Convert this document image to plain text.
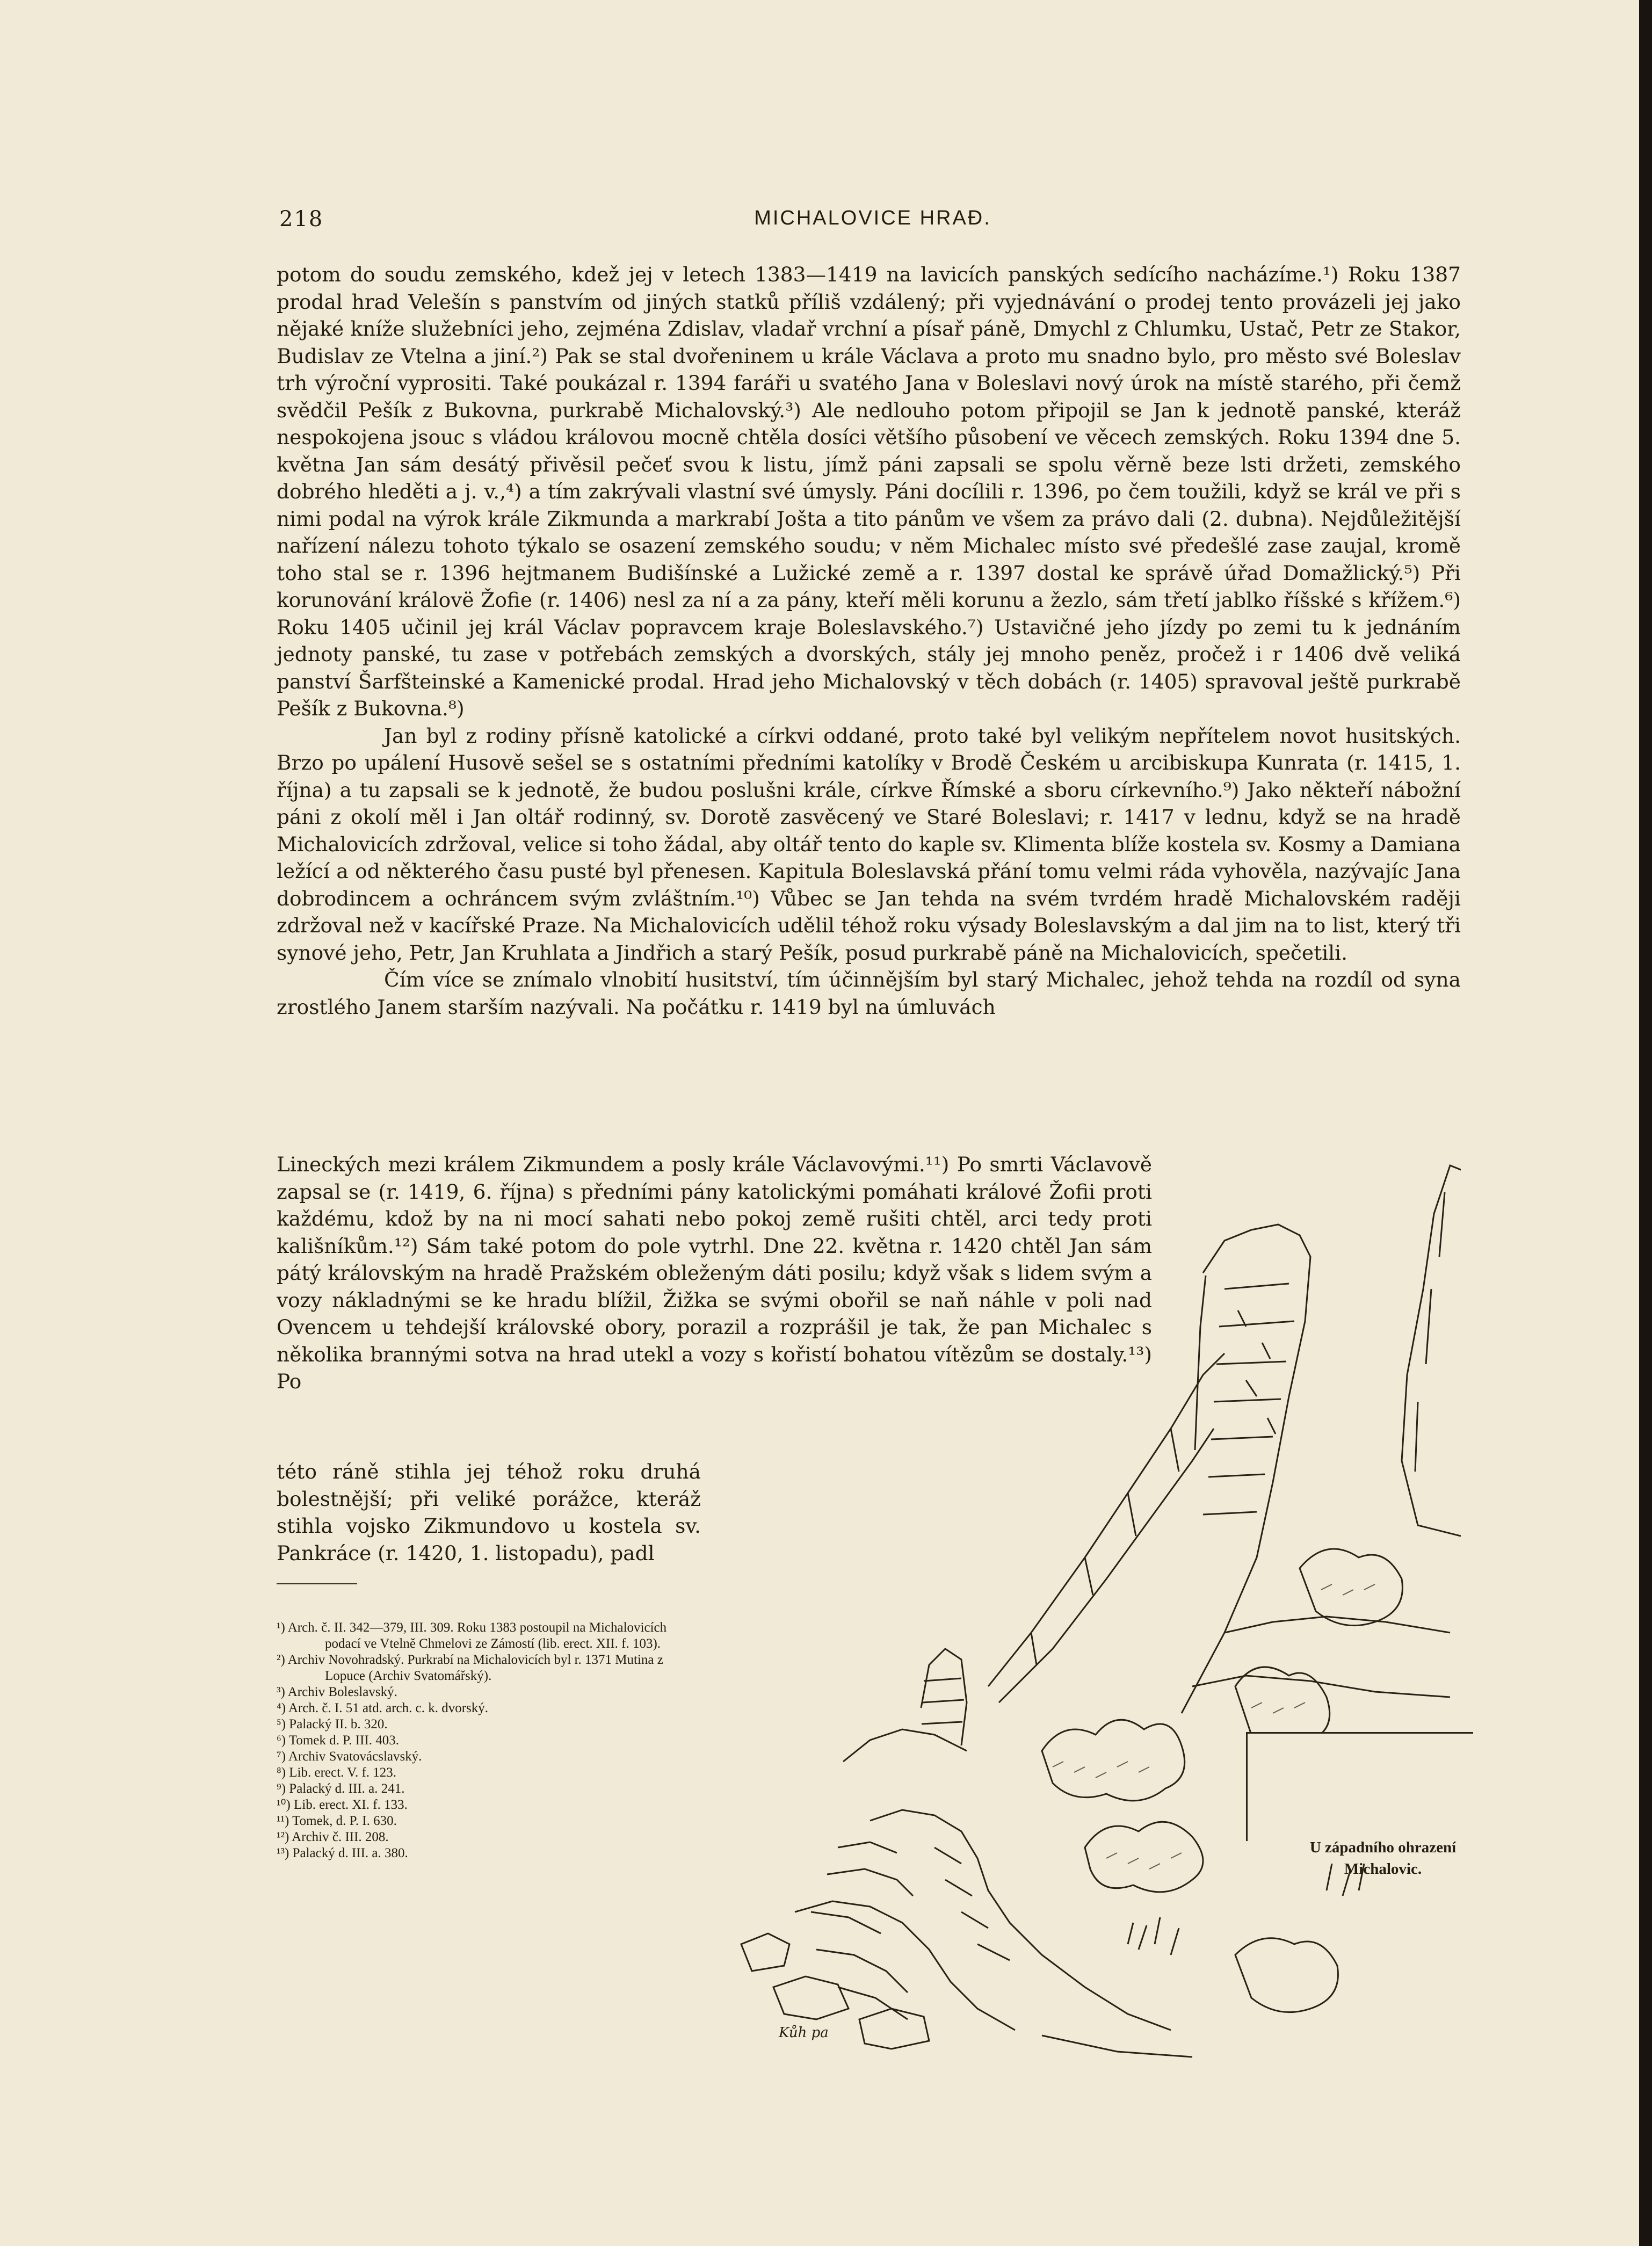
218	MICHALOVICE HRAĐ.

potom do soudu zemského, kdež jej v letech 1383—1419 na lavicích panských sedícího nacházíme.¹) Roku 1387 prodal hrad Velešín s panstvím od jiných statků příliš vzdálený; při vyjednávání o prodej tento provázeli jej jako nějaké kníže služebníci jeho, zejména Zdislav, vladař vrchní a písař páně, Dmychl z Chlumku, Ustač, Petr ze Stakor, Budislav ze Vtelna a jiní.²) Pak se stal dvořeninem u krále Václava a proto mu snadno bylo, pro město své Boleslav trh výroční vyprositi. Také poukázal r. 1394 faráři u svatého Jana v Boleslavi nový úrok na místě starého, při čemž svědčil Pešík z Bukovna, purkrabě Michalovský.³) Ale nedlouho potom připojil se Jan k jednotě panské, kteráž nespokojena jsouc s vládou královou mocně chtěla dosíci většího působení ve věcech zemských. Roku 1394 dne 5. května Jan sám desátý přivěsil pečeť svou k listu, jímž páni zapsali se spolu věrně beze lsti držeti, zemského dobrého hleděti a j. v.,⁴) a tím zakrývali vlastní své úmysly. Páni docílili r. 1396, po čem toužili, když se král ve při s nimi podal na výrok krále Zikmunda a markrabí Jošta a tito pánům ve všem za právo dali (2. dubna). Nejdůležitější nařízení nálezu tohoto týkalo se osazení zemského soudu; v něm Michalec místo své předešlé zase zaujal, kromě toho stal se r. 1396 hejtmanem Budišínské a Lužické země a r. 1397 dostal ke správě úřad Domažlický.⁵) Při korunování královë Žofie (r. 1406) nesl za ní a za pány, kteří měli korunu a žezlo, sám třetí jablko říšské s křížem.⁶) Roku 1405 učinil jej král Václav popravcem kraje Boleslavského.⁷) Ustavičné jeho jízdy po zemi tu k jednáním jednoty panské, tu zase v potřebách zemských a dvorských, stály jej mnoho peněz, pročež i r 1406 dvě veliká panství Šarfšteinské a Kamenické prodal. Hrad jeho Michalovský v těch dobách (r. 1405) spravoval ještě purkrabě Pešík z Bukovna.⁸)

Jan byl z rodiny přísně katolické a církvi oddané, proto také byl velikým nepřítelem novot husitských. Brzo po upálení Husově sešel se s ostatními předními katolíky v Brodě Českém u arcibiskupa Kunrata (r. 1415, 1. října) a tu zapsali se k jednotě, že budou poslušni krále, církve Římské a sboru církevního.⁹) Jako někteří nábožní páni z okolí měl i Jan oltář rodinný, sv. Dorotě zasvěcený ve Staré Boleslavi; r. 1417 v lednu, když se na hradě Michalovicích zdržoval, velice si toho žádal, aby oltář tento do kaple sv. Klimenta blíže kostela sv. Kosmy a Damiana ležící a od některého času pusté byl přenesen. Kapitula Boleslavská přání tomu velmi ráda vyhověla, nazývajíc Jana dobrodincem a ochráncem svým zvláštním.¹⁰) Vůbec se Jan tehda na svém tvrdém hradě Michalovském raději zdržoval než v kacířské Praze. Na Michalovicích udělil téhož roku výsady Boleslavským a dal jim na to list, který tři synové jeho, Petr, Jan Kruhlata a Jindřich a starý Pešík, posud purkrabě páně na Michalovicích, spečetili.

Čím více se znímalo vlnobití husitství, tím účinnějším byl starý Michalec, jehož tehda na rozdíl od syna zrostlého Janem starším nazývali. Na počátku r. 1419 byl na úmluvách

Lineckých mezi králem Zikmundem a posly krále Václavovými.¹¹) Po smrti Václavově zapsal se (r. 1419, 6. října) s předními pány katolickými pomáhati králové Žofii proti každému, kdož by na ni mocí sahati nebo pokoj země rušiti chtěl, arci tedy proti kališníkům.¹²) Sám také potom do pole vytrhl. Dne 22. května r. 1420 chtěl Jan sám pátý královským na hradě Pražském obleženým dáti posilu; když však s lidem svým a vozy nákladnými se ke hradu blížil, Žižka se svými obořil se naň náhle v poli nad Ovencem u tehdejší královské obory, porazil a rozprášil je tak, že pan Michalec s několika brannými sotva na hrad utekl a vozy s kořistí bohatou vítězům se dostaly.¹³) Po

této ráně stihla jej téhož roku druhá bolestnější; při veliké porážce, kteráž stihla vojsko Zikmundovo u kostela sv. Pankráce (r. 1420, 1. listopadu), padl

¹) Arch. č. II. 342—379, III. 309. Roku 1383 postoupil na Michalovicích podací ve Vtelně Chmelovi ze Zámostí (lib. erect. XII. f. 103).

²) Archiv Novohradský. Purkrabí na Michalovicích byl r. 1371 Mutina z Lopuce (Archiv Svatomářský).

³) Archiv Boleslavský.

⁴) Arch. č. I. 51 atd. arch. c. k. dvorský.

⁵) Palacký II. b. 320.

⁶) Tomek d. P. III. 403.

⁷) Archiv Svatovácslavský.

⁸) Lib. erect. V. f. 123.

⁹) Palacký d. III. a. 241.

¹⁰) Lib. erect. XI. f. 133.

¹¹) Tomek, d. P. I. 630.

¹²) Archiv č. III. 208.

¹³) Palacký d. III. a. 380.	U západního ohrazení
Michalovic.
Kůh pa
